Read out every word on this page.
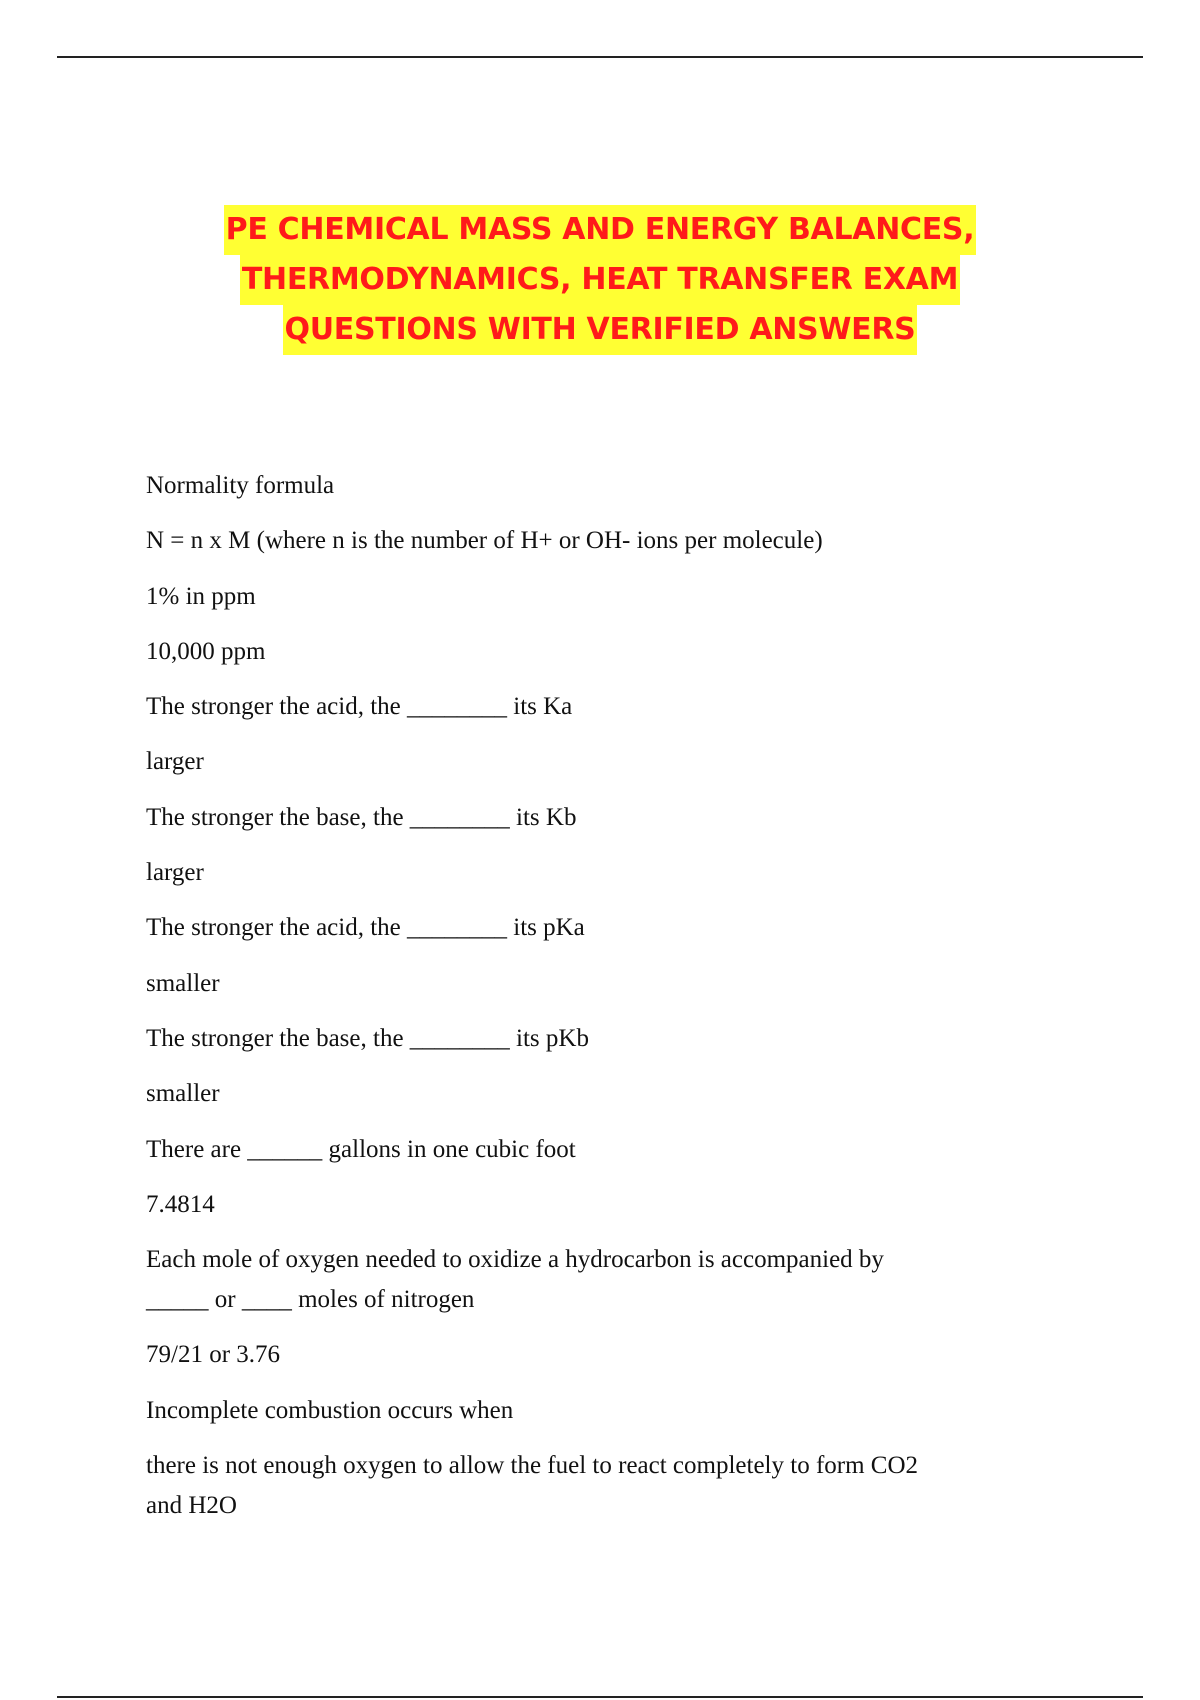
PE CHEMICAL MASS AND ENERGY BALANCES,
THERMODYNAMICS, HEAT TRANSFER EXAM
QUESTIONS WITH VERIFIED ANSWERS

Normality formula

N = n x M (where n is the number of H+ or OH- ions per molecule)

1% in ppm

10,000 ppm

The stronger the acid, the ________ its Ka

larger

The stronger the base, the ________ its Kb

larger

The stronger the acid, the ________ its pKa

smaller

The stronger the base, the ________ its pKb

smaller

There are ______ gallons in one cubic foot

7.4814

Each mole of oxygen needed to oxidize a hydrocarbon is accompanied by
_____ or ____ moles of nitrogen

79/21 or 3.76

Incomplete combustion occurs when

there is not enough oxygen to allow the fuel to react completely to form CO2
and H2O
